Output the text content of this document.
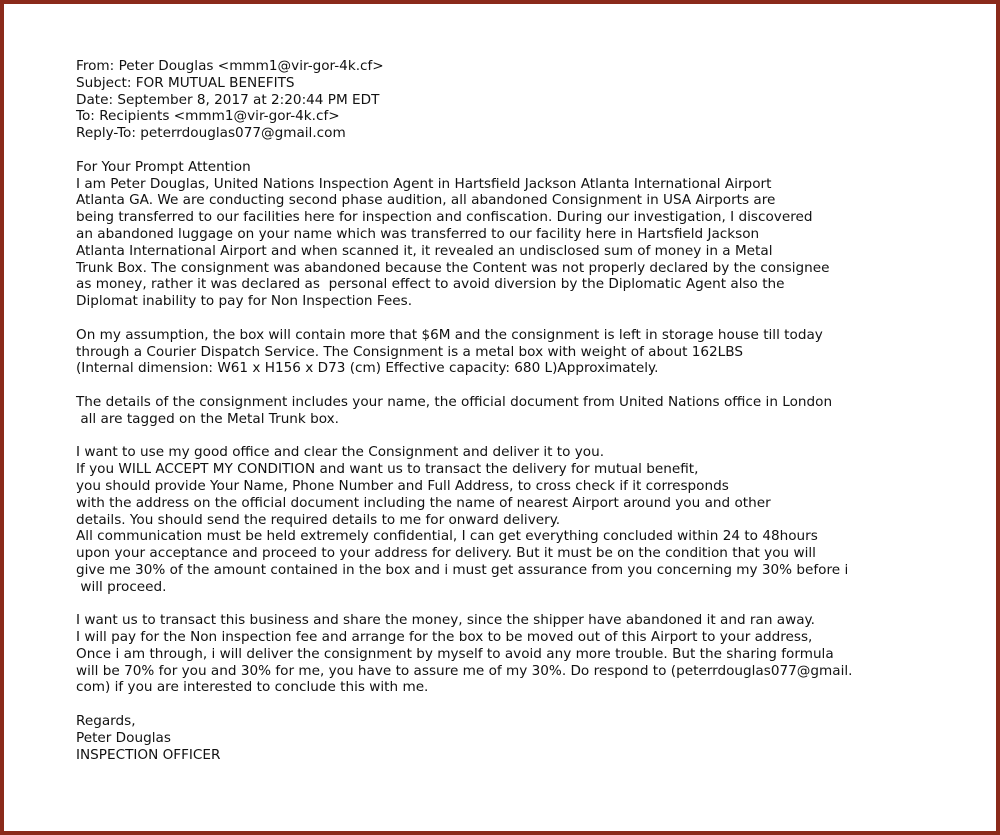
From: Peter Douglas <mmm1@vir-gor-4k.cf>
Subject: FOR MUTUAL BENEFITS
Date: September 8, 2017 at 2:20:44 PM EDT
To: Recipients <mmm1@vir-gor-4k.cf>
Reply-To: peterrdouglas077@gmail.com
For Your Prompt Attention
I am Peter Douglas, United Nations Inspection Agent in Hartsfield Jackson Atlanta International Airport
Atlanta GA. We are conducting second phase audition, all abandoned Consignment in USA Airports are
being transferred to our facilities here for inspection and confiscation. During our investigation, I discovered
an abandoned luggage on your name which was transferred to our facility here in Hartsfield Jackson
Atlanta International Airport and when scanned it, it revealed an undisclosed sum of money in a Metal
Trunk Box. The consignment was abandoned because the Content was not properly declared by the consignee
as money, rather it was declared as  personal effect to avoid diversion by the Diplomatic Agent also the
Diplomat inability to pay for Non Inspection Fees.
On my assumption, the box will contain more that $6M and the consignment is left in storage house till today
through a Courier Dispatch Service. The Consignment is a metal box with weight of about 162LBS
(Internal dimension: W61 x H156 x D73 (cm) Effective capacity: 680 L)Approximately.
The details of the consignment includes your name, the official document from United Nations office in London
all are tagged on the Metal Trunk box.
I want to use my good office and clear the Consignment and deliver it to you.
If you WILL ACCEPT MY CONDITION and want us to transact the delivery for mutual benefit,
you should provide Your Name, Phone Number and Full Address, to cross check if it corresponds
with the address on the official document including the name of nearest Airport around you and other
details. You should send the required details to me for onward delivery.
All communication must be held extremely confidential, I can get everything concluded within 24 to 48hours
upon your acceptance and proceed to your address for delivery. But it must be on the condition that you will
give me 30% of the amount contained in the box and i must get assurance from you concerning my 30% before i
will proceed.
I want us to transact this business and share the money, since the shipper have abandoned it and ran away.
I will pay for the Non inspection fee and arrange for the box to be moved out of this Airport to your address,
Once i am through, i will deliver the consignment by myself to avoid any more trouble. But the sharing formula
will be 70% for you and 30% for me, you have to assure me of my 30%. Do respond to (peterrdouglas077@gmail.
com) if you are interested to conclude this with me.
Regards,
Peter Douglas
INSPECTION OFFICER
